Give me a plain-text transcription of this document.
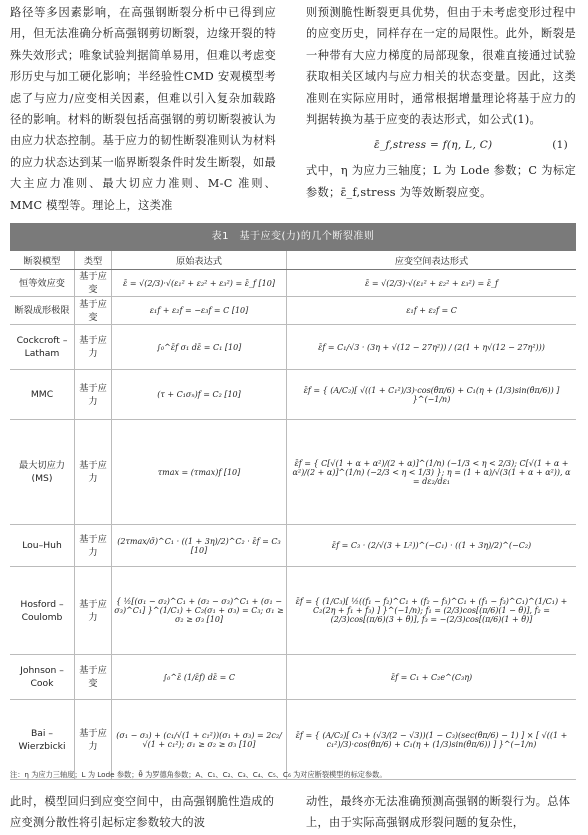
路径等多因素影响，在高强钢断裂分析中已得到应用，但无法准确分析高强钢剪切断裂，边缘开裂的特殊失效形式；唯象试验判据简单易用，但难以考虑变形历史与加工硬化影响；半经验性CMD 安观模型考虑了与应力/应变相关因素，但难以引入复杂加载路径的影响。材料的断裂包括高强钢的剪切断裂被认为由应力状态控制。基于应力的韧性断裂准则认为材料的应力状态达到某一临界断裂条件时发生断裂，如最大主应力准则、最大切应力准则、M-C 准则、MMC 模型等。理论上，这类准

则预测脆性断裂更具优势，但由于未考虑变形过程中的应变历史，同样存在一定的局限性。此外，断裂是一种带有大应力梯度的局部现象，很难直接通过试验获取相关区域内与应力相关的状态变量。因此，这类准则在实际应用时，通常根据增量理论将基于应力的判据转换为基于应变的表达形式，如公式(1)。

ε̄_f,stress = f(η, L, C)	(1)

式中，η 为应力三轴度；L 为 Lode 参数；C 为标定参数；ε̄_f,stress 为等效断裂应变。

表1　基于应变(力)的几个断裂准则
断裂模型	类型	原始表达式	应变空间表达形式
恒等效应变	基于应变	ε̄ = √(2/3)·√(ε₁² + ε₂² + ε₃²) = ε̄_f [10]	ε̄ = √(2/3)·√(ε₁² + ε₂² + ε₃²) = ε̄_f
断裂成形极限	基于应变	ε₁f + ε₂f = −ε₃f = C [10]	ε₁f + ε₂f = C
Cockcroft – Latham	基于应力	∫₀^ε̄f σ₁ dε̄ = C₁ [10]	ε̄f = C₁/√3 · (3η + √(12 − 27η²)) / (2(1 + η√(12 − 27η²)))
MMC	基于应力	(τ + C₁σₙ)f = C₂ [10]	ε̄f = { (A/C₂)[ √((1 + C₁²)/3)·cos(θ̄π/6) + C₁(η + (1/3)sin(θ̄π/6)) ] }^(−1/n)
最大切应力 (MS)	基于应力	τmax = (τmax)f [10]	ε̄f = { C[√(1 + α + α²)/(2 + α)]^(1/n) (−1/3 < η < 2/3); C[√(1 + α + α²)/(2 + α)]^(1/n) (−2/3 < η < 1/3) }; η = (1 + α)/√(3(1 + α + α²)), α = dε₂/dε₁
Lou–Huh	基于应力	(2τmax/σ̄)^C₁ · ((1 + 3η)/2)^C₂ · ε̄f = C₃ [10]	ε̄f = C₃ · (2/√(3 + L²))^(−C₁) · ((1 + 3η)/2)^(−C₂)
Hosford – Coulomb	基于应力	{ ½[(σ₁ − σ₂)^C₁ + (σ₂ − σ₃)^C₁ + (σ₁ − σ₃)^C₁] }^(1/C₁) + C₂(σ₁ + σ₃) = C₃; σ₁ ≥ σ₂ ≥ σ₃ [10]	ε̄f = { (1/C₃)[ ½((f₁ − f₂)^C₁ + (f₂ − f₃)^C₁ + (f₁ − f₃)^C₁)^(1/C₁) + C₂(2η + f₁ + f₃) ] }^(−1/n); f₁ = (2/3)cos[(π/6)(1 − θ̄)], f₂ = (2/3)cos[(π/6)(3 + θ̄)], f₃ = −(2/3)cos[(π/6)(1 + θ̄)]
Johnson – Cook	基于应变	∫₀^ε̄ (1/ε̄f) dε̄ = C	ε̄f = C₁ + C₂e^(C₃η)
Bai – Wierzbicki	基于应力	(σ₁ − σ₃) + (c₁/√(1 + c₁²))(σ₁ + σ₃) = 2c₂/√(1 + c₁²); σ₁ ≥ σ₂ ≥ σ₃ [10]	ε̄f = { (A/C₂)[ C₃ + (√3/(2 − √3))(1 − C₃)(sec(θ̄π/6) − 1) ] × [ √((1 + c₁²)/3)·cos(θ̄π/6) + C₁(η + (1/3)sin(θ̄π/6)) ] }^(−1/n)
注：η 为应力三轴度；L 为 Lode 参数；θ̄ 为罗德角参数；A、C₁、C₂、C₃、C₄、C₅、C₆ 为对应断裂模型的标定参数。

此时，模型回归到应变空间中，由高强钢脆性造成的应变测分散性将引起标定参数较大的波

动性，最终亦无法准确预测高强钢的断裂行为。总体上，由于实际高强钢成形裂问题的复杂性，
